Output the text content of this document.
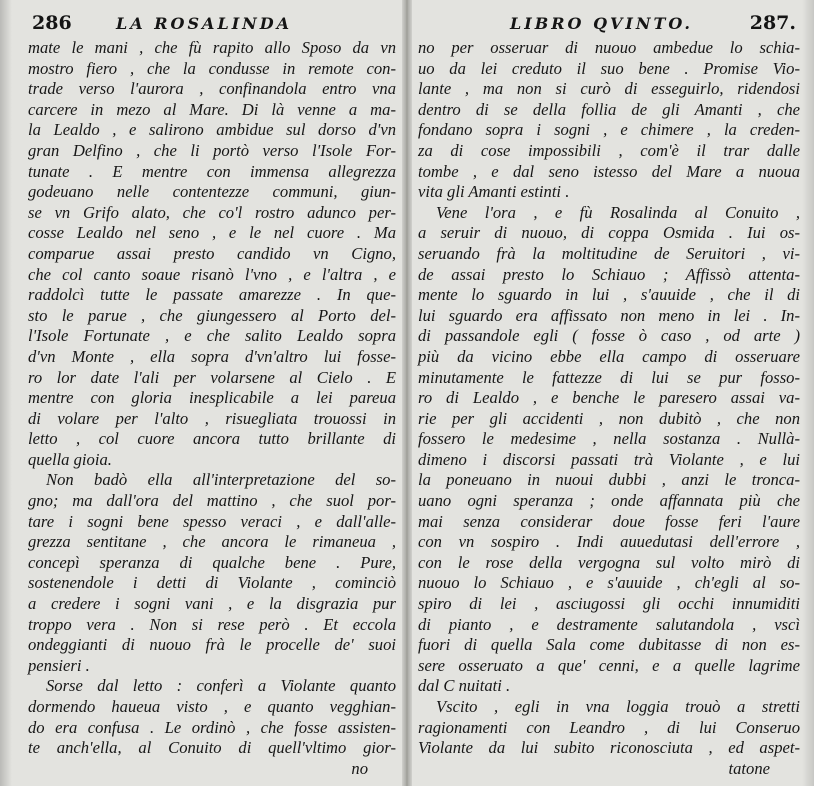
286	LA ROSALINDA
mate le mani , che fù rapito allo Sposo da vn
mostro fiero , che la condusse in remote con-
trade verso l'aurora , confinandola entro vna
carcere in mezo al Mare. Di là venne a ma-
la Lealdo , e salirono ambidue sul dorso d'vn
gran Delfino , che li portò verso l'Isole For-
tunate . E mentre con immensa allegrezza
godeuano nelle contentezze communi, giun-
se vn Grifo alato, che co'l rostro adunco per-
cosse Lealdo nel seno , e le nel cuore . Ma
comparue assai presto candido vn Cigno,
che col canto soaue risanò l'vno , e l'altra , e
raddolcì tutte le passate amarezze . In que-
sto le parue , che giungessero al Porto del-
l'Isole Fortunate , e che salito Lealdo sopra
d'vn Monte , ella sopra d'vn'altro lui fosse-
ro lor date l'ali per volarsene al Cielo . E
mentre con gloria inesplicabile a lei pareua
di volare per l'alto , risuegliata trouossi in
letto , col cuore ancora tutto brillante di
quella gioia.
Non badò ella all'interpretazione del so-
gno; ma dall'ora del mattino , che suol por-
tare i sogni bene spesso veraci , e dall'alle-
grezza sentitane , che ancora le rimaneua ,
concepì speranza di qualche bene . Pure,
sostenendole i detti di Violante , cominciò
a credere i sogni vani , e la disgrazia pur
troppo vera . Non si rese però . Et eccola
ondeggianti di nuouo frà le procelle de' suoi
pensieri .
Sorse dal letto : conferì a Violante quanto
dormendo haueua visto , e quanto vegghian-
do era confusa . Le ordinò , che fosse assisten-
te anch'ella, al Conuito di quell'vltimo gior-
no
LIBRO QVINTO.	287.
no per osseruar di nuouo ambedue lo schia-
uo da lei creduto il suo bene . Promise Vio-
lante , ma non si curò di esseguirlo, ridendosi
dentro di se della follia de gli Amanti , che
fondano sopra i sogni , e chimere , la creden-
za di cose impossibili , com'è il trar dalle
tombe , e dal seno istesso del Mare a nuoua
vita gli Amanti estinti .
Vene l'ora , e fù Rosalinda al Conuito ,
a seruir di nuouo, di coppa Osmida . Iui os-
seruando frà la moltitudine de Seruitori , vi-
de assai presto lo Schiauo ; Affissò attenta-
mente lo sguardo in lui , s'auuide , che il di
lui sguardo era affissato non meno in lei . In-
di passandole egli ( fosse ò caso , od arte )
più da vicino ebbe ella campo di osseruare
minutamente le fattezze di lui se pur fosso-
ro di Lealdo , e benche le paresero assai va-
rie per gli accidenti , non dubitò , che non
fossero le medesime , nella sostanza . Nullà-
dimeno i discorsi passati trà Violante , e lui
la poneuano in nuoui dubbi , anzi le tronca-
uano ogni speranza ; onde affannata più che
mai senza considerar doue fosse feri l'aure
con vn sospiro . Indi auuedutasi dell'errore ,
con le rose della vergogna sul volto mirò di
nuouo lo Schiauo , e s'auuide , ch'egli al so-
spiro di lei , asciugossi gli occhi innumiditi
di pianto , e destramente salutandola , vscì
fuori di quella Sala come dubitasse di non es-
sere osseruato a que' cenni, e a quelle lagrime
dal C nuitati .
Vscito , egli in vna loggia trouò a stretti
ragionamenti con Leandro , di lui Conseruo
Violante da lui subito riconosciuta , ed aspet-
tatone
